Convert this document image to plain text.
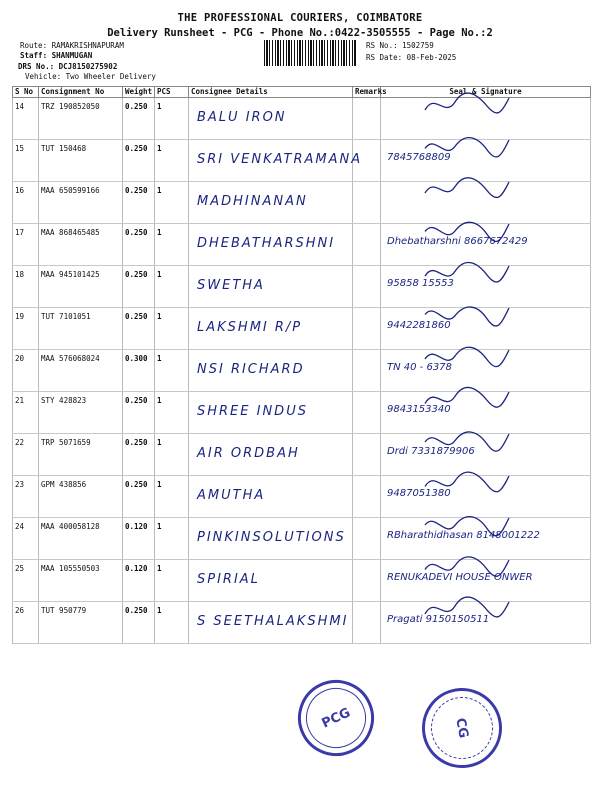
THE PROFESSIONAL COURIERS, COIMBATORE
Delivery Runsheet - PCG - Phone No.:0422-3505555 - Page No.:2
Route: RAMAKRISHNAPURAM
Staff: SHANMUGAN
DRS No.: DCJ8150275902
Vehicle: Two Wheeler Delivery
RS No.: 1502759
RS Date: 08-Feb-2025
S No	Consignment No	Weight	PCS	Consignee Details	Remarks	Seal & Signature
14	TRZ 190852050	0.250	1	BALU IRON

15	TUT 150468	0.250	1	SRI VENKATRAMANA		7845768809

16	MAA 650599166	0.250	1	MADHINANAN

17	MAA 868465485	0.250	1	DHEBATHARSHNI		Dhebatharshni 8667672429

18	MAA 945101425	0.250	1	SWETHA		95858 15553

19	TUT 7101051	0.250	1	LAKSHMI R/P		9442281860

20	MAA 576068024	0.300	1	NSI RICHARD		TN 40 - 6378

21	STY 428823	0.250	1	SHREE INDUS		9843153340

22	TRP 5071659	0.250	1	AIR ORDBAH		Drdi 7331879906

23	GPM 438856	0.250	1	AMUTHA		9487051380

24	MAA 400058128	0.120	1	PINKINSOLUTIONS		RBharathidhasan 8148001222

25	MAA 105550503	0.120	1	SPIRIAL		RENUKADEVI HOUSE ONWER

26	TUT 950779	0.250	1	S SEETHALAKSHMI		Pragati 9150150511
PCG	CG
